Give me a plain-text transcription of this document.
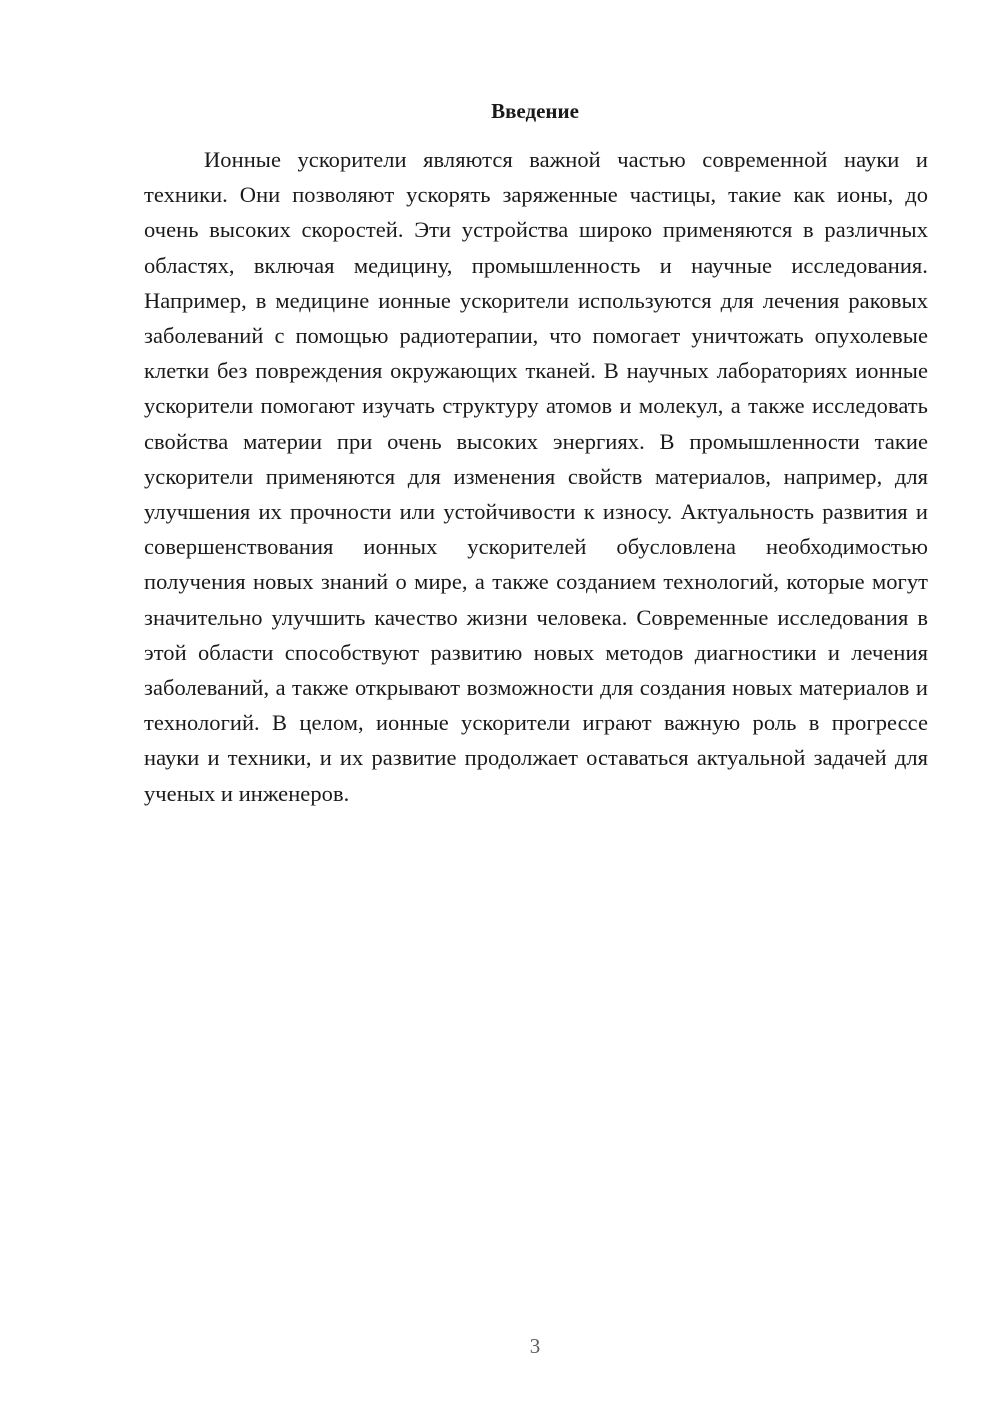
Введение

Ионные ускорители являются важной частью современной науки и техники. Они позволяют ускорять заряженные частицы, такие как ионы, до очень высоких скоростей. Эти устройства широко применяются в различных областях, включая медицину, промышленность и научные исследования. Например, в медицине ионные ускорители используются для лечения раковых заболеваний с помощью радиотерапии, что помогает уничтожать опухолевые клетки без повреждения окружающих тканей. В научных лабораториях ионные ускорители помогают изучать структуру атомов и молекул, а также исследовать свойства материи при очень высоких энергиях. В промышленности такие ускорители применяются для изменения свойств материалов, например, для улучшения их прочности или устойчивости к износу. Актуальность развития и совершенствования ионных ускорителей обусловлена необходимостью получения новых знаний о мире, а также созданием технологий, которые могут значительно улучшить качество жизни человека. Современные исследования в этой области способствуют развитию новых методов диагностики и лечения заболеваний, а также открывают возможности для создания новых материалов и технологий. В целом, ионные ускорители играют важную роль в прогрессе науки и техники, и их развитие продолжает оставаться актуальной задачей для ученых и инженеров.

3
